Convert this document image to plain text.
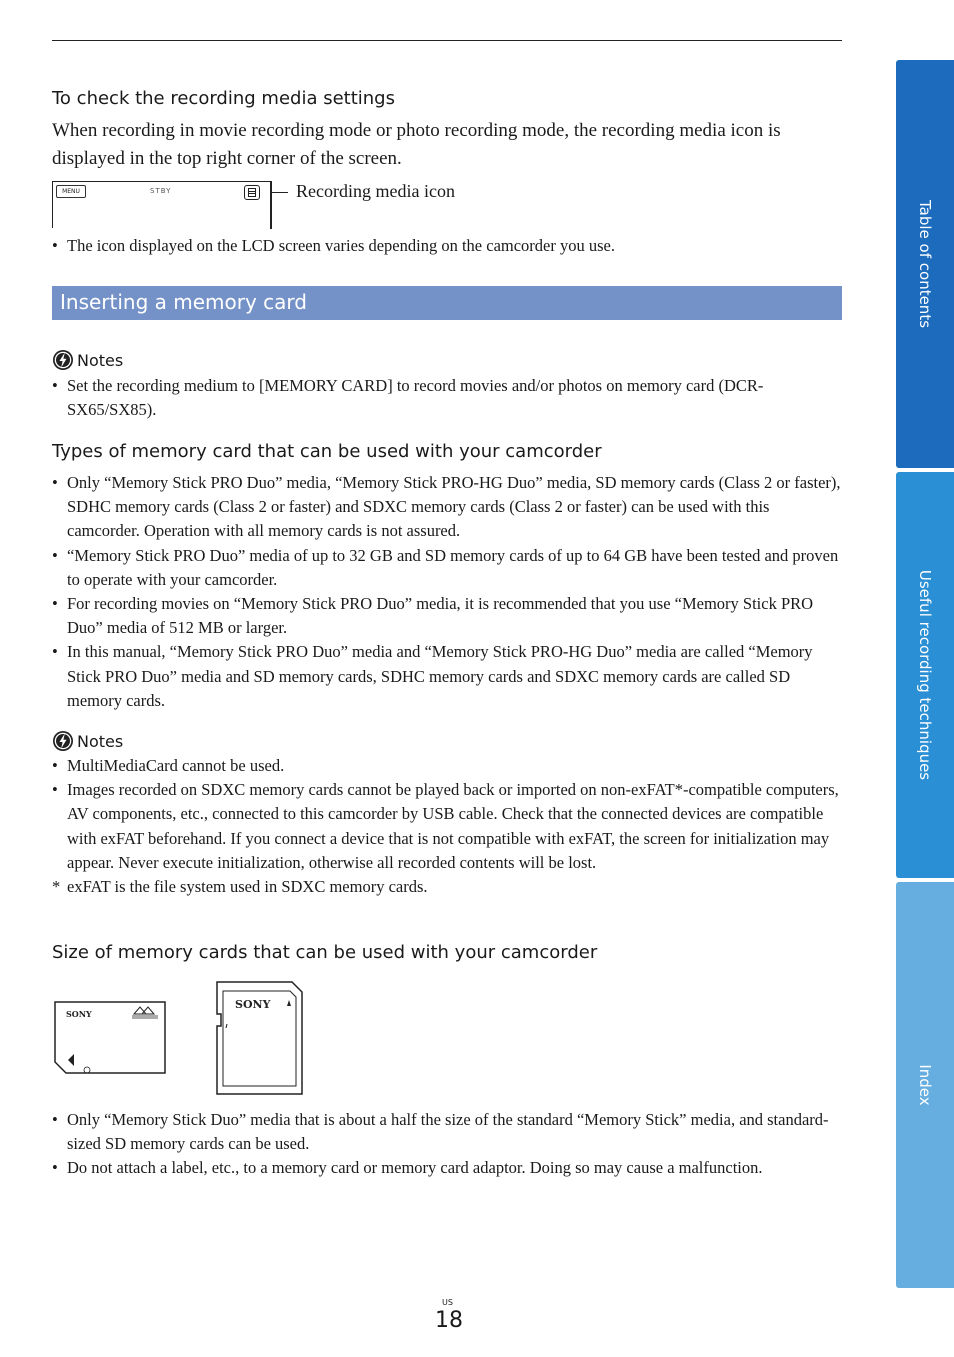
To check the recording media settings
When recording in movie recording mode or photo recording mode, the recording media icon is displayed in the top right corner of the screen.
MENU	STBY	Recording media icon
• The icon displayed on the LCD screen varies depending on the camcorder you use.
Inserting a memory card
Notes
• Set the recording medium to [MEMORY CARD] to record movies and/or photos on memory card (DCR-SX65/SX85).
Types of memory card that can be used with your camcorder
• Only “Memory Stick PRO Duo” media, “Memory Stick PRO-HG Duo” media, SD memory cards (Class 2 or faster), SDHC memory cards (Class 2 or faster) and SDXC memory cards (Class 2 or faster) can be used with this camcorder. Operation with all memory cards is not assured.
• “Memory Stick PRO Duo” media of up to 32 GB and SD memory cards of up to 64 GB have been tested and proven to operate with your camcorder.
• For recording movies on “Memory Stick PRO Duo” media, it is recommended that you use “Memory Stick PRO Duo” media of 512 MB or larger.
• In this manual, “Memory Stick PRO Duo” media and “Memory Stick PRO-HG Duo” media are called “Memory Stick PRO Duo” media and SD memory cards, SDHC memory cards and SDXC memory cards are called SD memory cards.
Notes
• MultiMediaCard cannot be used.
• Images recorded on SDXC memory cards cannot be played back or imported on non-exFAT*-compatible computers, AV components, etc., connected to this camcorder by USB cable. Check that the connected devices are compatible with exFAT beforehand. If you connect a device that is not compatible with exFAT, the screen for initialization may appear. Never execute initialization, otherwise all recorded contents will be lost.
* exFAT is the file system used in SDXC memory cards.
Size of memory cards that can be used with your camcorder
SONY
SONY
• Only “Memory Stick Duo” media that is about a half the size of the standard “Memory Stick” media, and standard-sized SD memory cards can be used.
• Do not attach a label, etc., to a memory card or memory card adaptor. Doing so may cause a malfunction.
Table of contents
Useful recording techniques
Index
US
18
